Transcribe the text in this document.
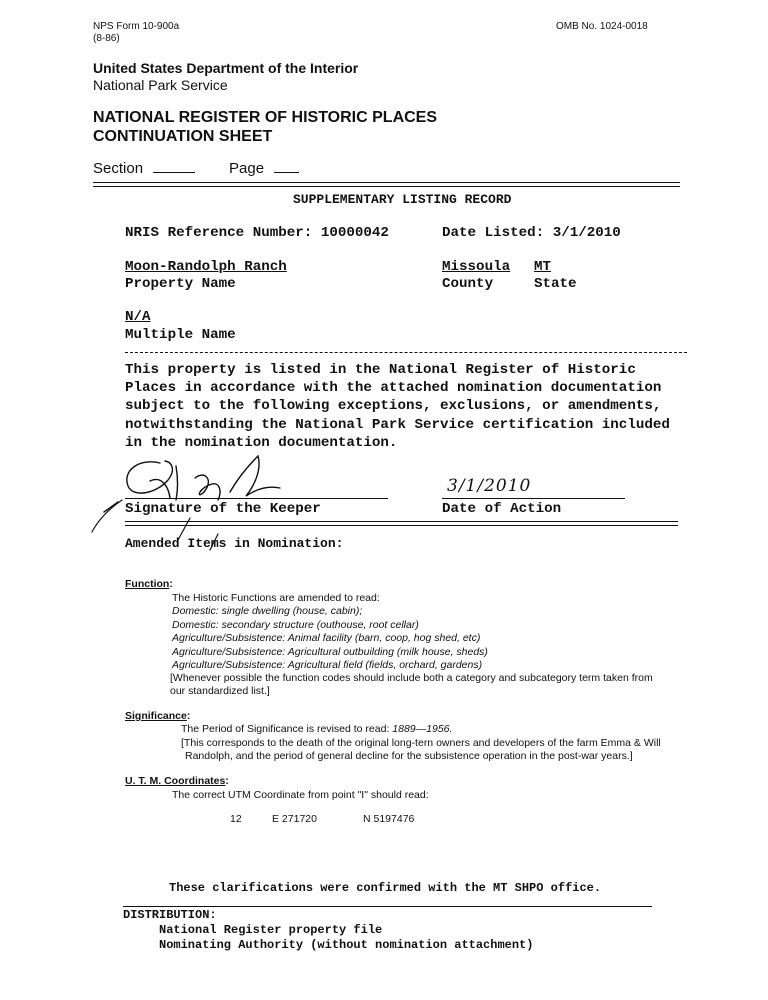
NPS Form 10-900a
(8-86)
OMB No. 1024-0018
United States Department of the Interior
National Park Service
NATIONAL REGISTER OF HISTORIC PLACES
CONTINUATION SHEET
Section	Page
SUPPLEMENTARY LISTING RECORD
NRIS Reference Number: 10000042	Date Listed: 3/1/2010
Moon-Randolph Ranch
Property Name
Missoula
County
MT
State
N/A
Multiple Name
This property is listed in the National Register of Historic
Places in accordance with the attached nomination documentation
subject to the following exceptions, exclusions, or amendments,
notwithstanding the National Park Service certification included
in the nomination documentation.
Signature of the Keeper
3/1/2010
Date of Action
Amended Items in Nomination:
Function:
The Historic Functions are amended to read:
Domestic: single dwelling (house, cabin);
Domestic: secondary structure (outhouse, root cellar)
Agriculture/Subsistence: Animal facility (barn, coop, hog shed, etc)
Agriculture/Subsistence: Agricultural outbuilding (milk house, sheds)
Agriculture/Subsistence: Agricultural field (fields, orchard, gardens)
[Whenever possible the function codes should include both a category and subcategory term taken from
our standardized list.]
Significance:
The Period of Significance is revised to read: 1889—1956.
[This corresponds to the death of the original long-tern owners and developers of the farm Emma & Will
Randolph, and the period of general decline for the subsistence operation in the post-war years.]
U. T. M. Coordinates:
The correct UTM Coordinate from point "I" should read:
12	E 271720	N 5197476
These clarifications were confirmed with the MT SHPO office.
DISTRIBUTION:
National Register property file
Nominating Authority (without nomination attachment)
